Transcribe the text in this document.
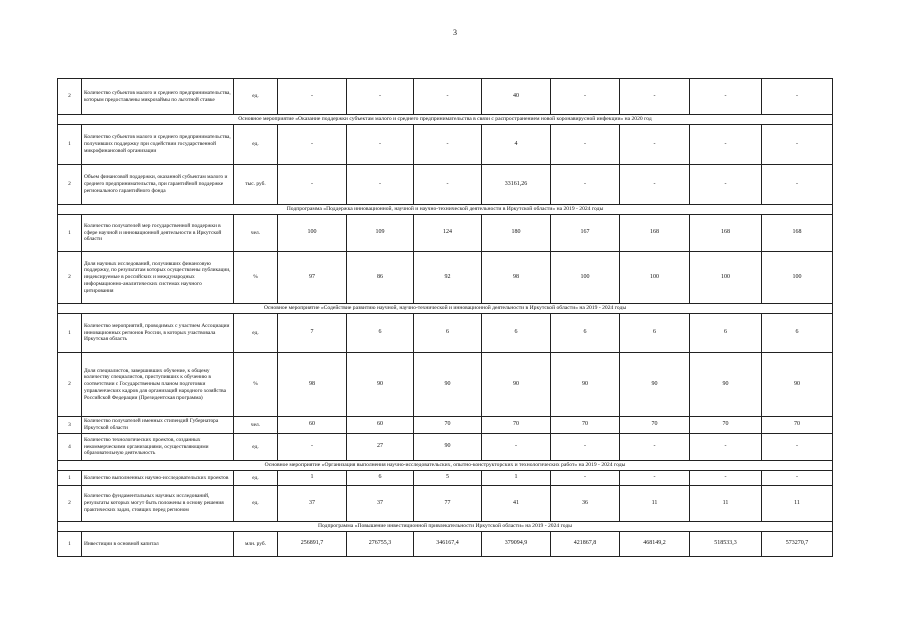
3
2	Количество субъектов малого и среднего предпринимательства, которым предоставлены микрозаймы по льготной ставке	ед.	-	-	-	40	-	-	-	-
Основное мероприятие «Оказание поддержки субъектам малого и среднего предпринимательства в связи с распространением новой коронавирусной инфекции» на 2020 год										
1	Количество субъектов малого и среднего предпринимательства, получивших поддержку при содействии государственной микрофинансовой организации	ед.	-	-	-	4	-	-	-	-
2	Объем финансовой поддержки, оказанной субъектам малого и среднего предпринимательства, при гарантийной поддержке регионального гарантийного фонда	тыс. руб.	-	-	-	33161,26	-	-	-	-
Подпрограмма «Поддержка инновационной, научной и научно-технической деятельности в Иркутской области» на 2019 - 2024 годы										
1	Количество получателей мер государственной поддержки в сфере научной и инновационной деятельности в Иркутской области	чел.	100	109	124	180	167	168	168	168
2	Доля научных исследований, получивших финансовую поддержку, по результатам которых осуществлены публикации, индексируемые в российских и международных информационно-аналитических системах научного цитирования	%	97	86	92	98	100	100	100	100
Основное мероприятие «Содействие развитию научной, научно-технической и инновационной деятельности в Иркутской области» на 2019 - 2024 годы										
1	Количество мероприятий, проводимых с участием Ассоциации инновационных регионов России, в которых участвовала Иркутская область	ед.	7	6	6	6	6	6	6	6
2	Доля специалистов, завершивших обучение, к общему количеству специалистов, приступивших к обучению в соответствии с Государственным планом подготовки управленческих кадров для организаций народного хозяйства Российской Федерации (Президентская программа)	%	98	90	90	90	90	90	90	90
3	Количество получателей именных стипендий Губернатора Иркутской области	чел.	60	60	70	70	70	70	70	70
4	Количество технологических проектов, созданных некоммерческими организациями, осуществляющими образовательную деятельность	ед.	-	27	90	-	-	-	-	-
Основное мероприятие «Организация выполнения научно-исследовательских, опытно-конструкторских и технологических работ» на 2019 - 2024 годы										
1	Количество выполненных научно-исследовательских проектов	ед.	1	6	5	1	-	-	-	-
2	Количество фундаментальных научных исследований, результаты которых могут быть положены в основу решения практических задач, стоящих перед регионом	ед.	37	37	77	41	36	11	11	11
Подпрограмма «Повышение инвестиционной привлекательности Иркутской области» на 2019 - 2024 годы										
1	Инвестиции в основной капитал	млн. руб.	256891,7	276755,3	346167,4	379094,9	421867,8	468149,2	518533,3	573270,7
